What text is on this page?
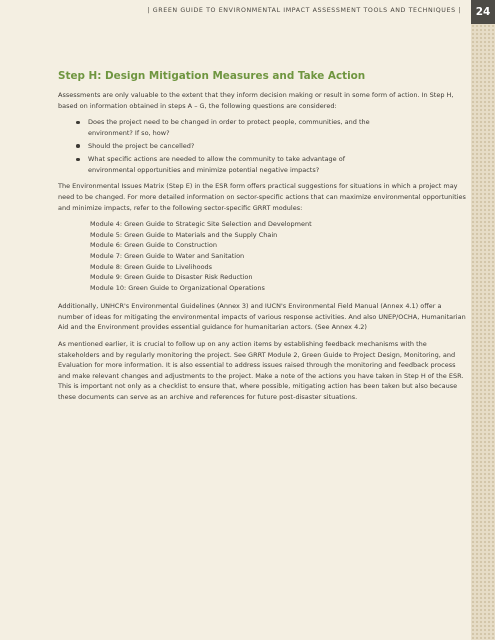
24
| GREEN GUIDE TO ENVIRONMENTAL IMPACT ASSESSMENT TOOLS AND TECHNIQUES |
Step H: Design Mitigation Measures and Take Action

Assessments are only valuable to the extent that they inform decision making or result in some form of action. In Step H, based on information obtained in steps A – G, the following questions are considered:

Does the project need to be changed in order to protect people, communities, and the environment? If so, how?
Should the project be cancelled?
What specific actions are needed to allow the community to take advantage of environmental opportunities and minimize potential negative impacts?

The Environmental Issues Matrix (Step E) in the ESR form offers practical suggestions for situations in which a project may need to be changed. For more detailed information on sector-specific actions that can maximize environmental opportunities and minimize impacts, refer to the following sector-specific GRRT modules:

Module 4: Green Guide to Strategic Site Selection and Development
Module 5: Green Guide to Materials and the Supply Chain
Module 6: Green Guide to Construction
Module 7: Green Guide to Water and Sanitation
Module 8: Green Guide to Livelihoods
Module 9: Green Guide to Disaster Risk Reduction
Module 10: Green Guide to Organizational Operations

Additionally, UNHCR's Environmental Guidelines (Annex 3) and IUCN's Environmental Field Manual (Annex 4.1) offer a number of ideas for mitigating the environmental impacts of various response activities. And also UNEP/OCHA, Humanitarian Aid and the Environment provides essential guidance for humanitarian actors. (See Annex 4.2)

As mentioned earlier, it is crucial to follow up on any action items by establishing feedback mechanisms with the stakeholders and by regularly monitoring the project. See GRRT Module 2, Green Guide to Project Design, Monitoring, and Evaluation for more information. It is also essential to address issues raised through the monitoring and feedback process and make relevant changes and adjustments to the project. Make a note of the actions you have taken in Step H of the ESR. This is important not only as a checklist to ensure that, where possible, mitigating action has been taken but also because these documents can serve as an archive and references for future post-disaster situations.
